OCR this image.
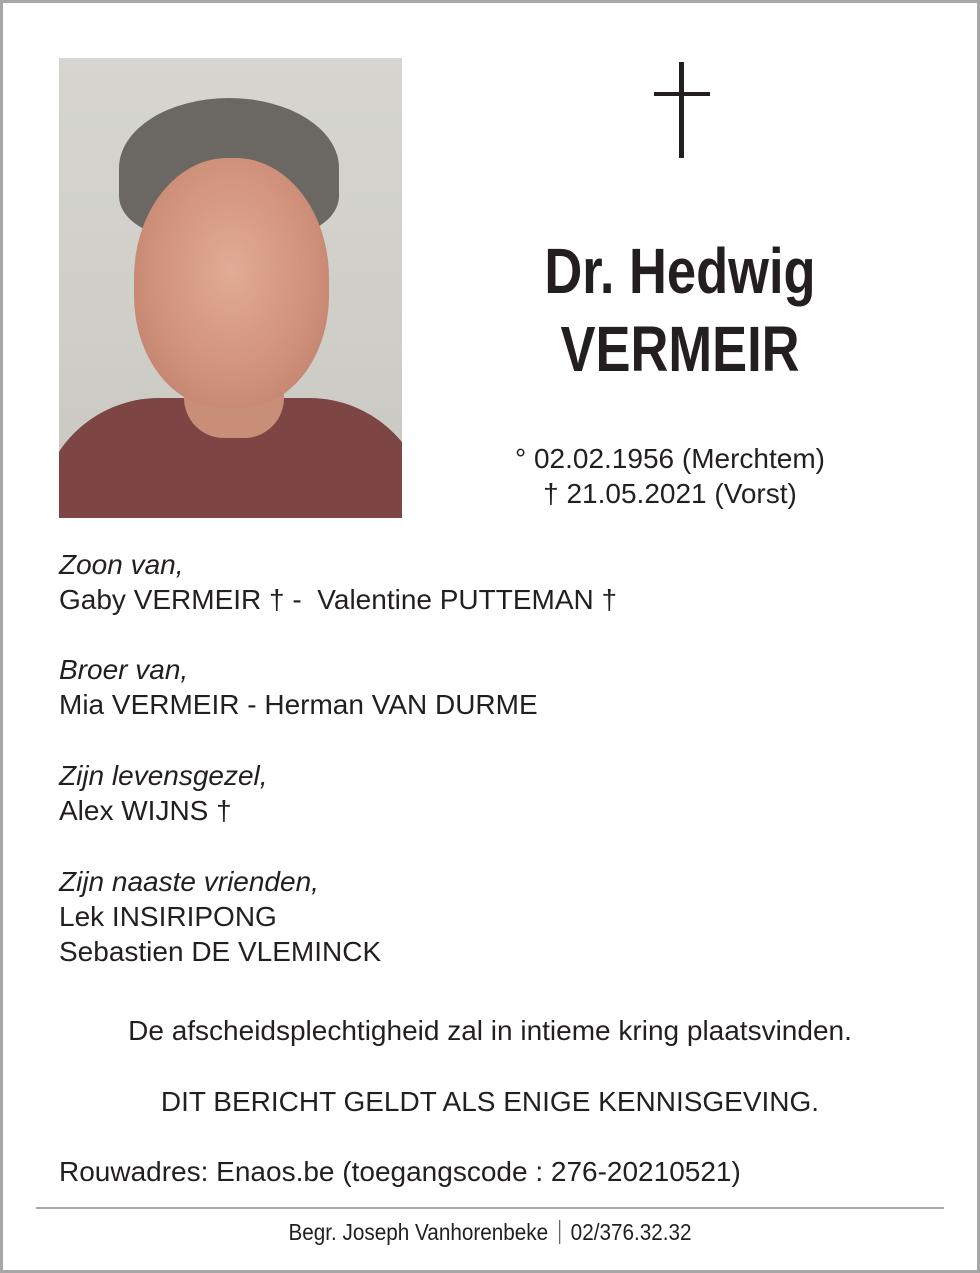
Dr. Hedwig
VERMEIR
° 02.02.1956 (Merchtem)
† 21.05.2021 (Vorst)
Zoon van,
Gaby VERMEIR † -  Valentine PUTTEMAN †
Broer van,
Mia VERMEIR - Herman VAN DURME
Zijn levensgezel,
Alex WIJNS †
Zijn naaste vrienden,
Lek INSIRIPONG
Sebastien DE VLEMINCK
De afscheidsplechtigheid zal in intieme kring plaatsvinden.
DIT BERICHT GELDT ALS ENIGE KENNISGEVING.
Rouwadres: Enaos.be (toegangscode : 276-20210521)
Begr. Joseph Vanhorenbeke 02/376.32.32
